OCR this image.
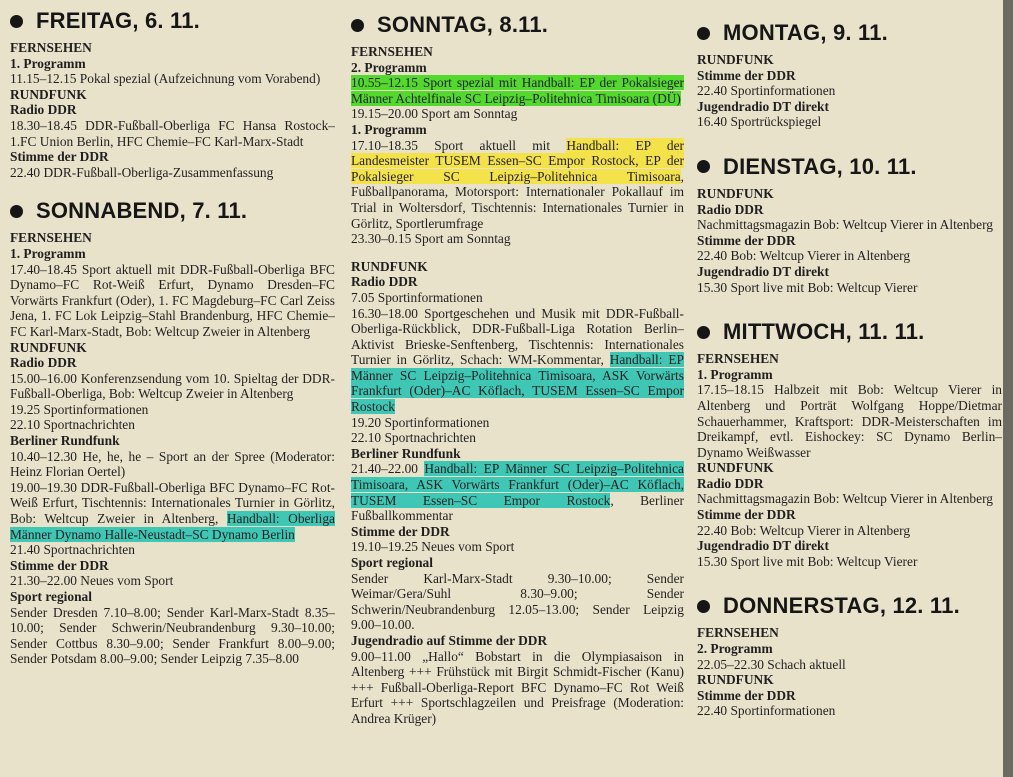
FREITAG, 6. 11.
FERNSEHEN
1. Programm
11.15–12.15 Pokal spezial (Aufzeichnung vom Vorabend)
RUNDFUNK
Radio DDR
18.30–18.45 DDR-Fußball-Oberliga FC Hansa Rostock–1.FC Union Berlin, HFC Chemie–FC Karl-Marx-Stadt
Stimme der DDR
22.40 DDR-Fußball-Oberliga-Zusammenfassung
SONNABEND, 7. 11.
FERNSEHEN
1. Programm
17.40–18.45 Sport aktuell mit DDR-Fußball-Oberliga BFC Dynamo–FC Rot-Weiß Erfurt, Dynamo Dresden–FC Vorwärts Frankfurt (Oder), 1. FC Magdeburg–FC Carl Zeiss Jena, 1. FC Lok Leipzig–Stahl Brandenburg, HFC Chemie–FC Karl-Marx-Stadt, Bob: Weltcup Zweier in Altenberg
RUNDFUNK
Radio DDR
15.00–16.00 Konferenzsendung vom 10. Spieltag der DDR-Fußball-Oberliga, Bob: Weltcup Zweier in Altenberg
19.25 Sportinformationen
22.10 Sportnachrichten
Berliner Rundfunk
10.40–12.30 He, he, he – Sport an der Spree (Moderator: Heinz Florian Oertel)
19.00–19.30 DDR-Fußball-Oberliga BFC Dynamo–FC Rot-Weiß Erfurt, Tischtennis: Internationales Turnier in Görlitz, Bob: Weltcup Zweier in Altenberg, Handball: Oberliga Männer Dynamo Halle-Neustadt–SC Dynamo Berlin
21.40 Sportnachrichten
Stimme der DDR
21.30–22.00 Neues vom Sport
Sport regional
Sender Dresden 7.10–8.00; Sender Karl-Marx-Stadt 8.35–10.00; Sender Schwerin/Neubrandenburg 9.30–10.00; Sender Cottbus 8.30–9.00; Sender Frankfurt 8.00–9.00; Sender Potsdam 8.00–9.00; Sender Leipzig 7.35–8.00
SONNTAG, 8.11.
FERNSEHEN
2. Programm
10.55–12.15 Sport spezial mit Handball: EP der Pokalsieger Männer Achtelfinale SC Leipzig–Politehnica Timisoara (DÜ)
19.15–20.00 Sport am Sonntag
1. Programm
17.10–18.35 Sport aktuell mit Handball: EP der Landesmeister TUSEM Essen–SC Empor Rostock, EP der Pokalsieger SC Leipzig–Politehnica Timisoara, Fußballpanorama, Motorsport: Internationaler Pokallauf im Trial in Woltersdorf, Tischtennis: Internationales Turnier in Görlitz, Sportlerumfrage
23.30–0.15 Sport am Sonntag
RUNDFUNK
Radio DDR
7.05 Sportinformationen
16.30–18.00 Sportgeschehen und Musik mit DDR-Fußball-Oberliga-Rückblick, DDR-Fußball-Liga Rotation Berlin–Aktivist Brieske-Senftenberg, Tischtennis: Internationales Turnier in Görlitz, Schach: WM-Kommentar, Handball: EP Männer SC Leipzig–Politehnica Timisoara, ASK Vorwärts Frankfurt (Oder)–AC Köflach, TUSEM Essen–SC Empor Rostock
19.20 Sportinformationen
22.10 Sportnachrichten
Berliner Rundfunk
21.40–22.00 Handball: EP Männer SC Leipzig–Politehnica Timisoara, ASK Vorwärts Frankfurt (Oder)–AC Köflach, TUSEM Essen–SC Empor Rostock, Berliner Fußballkommentar
Stimme der DDR
19.10–19.25 Neues vom Sport
Sport regional
Sender Karl-Marx-Stadt 9.30–10.00; Sender Weimar/Gera/Suhl 8.30–9.00; Sender Schwerin/Neubrandenburg 12.05–13.00; Sender Leipzig 9.00–10.00.
Jugendradio auf Stimme der DDR
9.00–11.00 „Hallo“ Bobstart in die Olympiasaison in Altenberg +++ Frühstück mit Birgit Schmidt-Fischer (Kanu) +++ Fußball-Oberliga-Report BFC Dynamo–FC Rot Weiß Erfurt +++ Sportschlagzeilen und Preisfrage (Moderation: Andrea Krüger)
MONTAG, 9. 11.
RUNDFUNK
Stimme der DDR
22.40 Sportinformationen
Jugendradio DT direkt
16.40 Sportrückspiegel
DIENSTAG, 10. 11.
RUNDFUNK
Radio DDR
Nachmittagsmagazin Bob: Weltcup Vierer in Altenberg
Stimme der DDR
22.40 Bob: Weltcup Vierer in Altenberg
Jugendradio DT direkt
15.30 Sport live mit Bob: Weltcup Vierer
MITTWOCH, 11. 11.
FERNSEHEN
1. Programm
17.15–18.15 Halbzeit mit Bob: Weltcup Vierer in Altenberg und Porträt Wolfgang Hoppe/Dietmar Schauerhammer, Kraftsport: DDR-Meisterschaften im Dreikampf, evtl. Eishockey: SC Dynamo Berlin–Dynamo Weißwasser
RUNDFUNK
Radio DDR
Nachmittagsmagazin Bob: Weltcup Vierer in Altenberg
Stimme der DDR
22.40 Bob: Weltcup Vierer in Altenberg
Jugendradio DT direkt
15.30 Sport live mit Bob: Weltcup Vierer
DONNERSTAG, 12. 11.
FERNSEHEN
2. Programm
22.05–22.30 Schach aktuell
RUNDFUNK
Stimme der DDR
22.40 Sportinformationen
